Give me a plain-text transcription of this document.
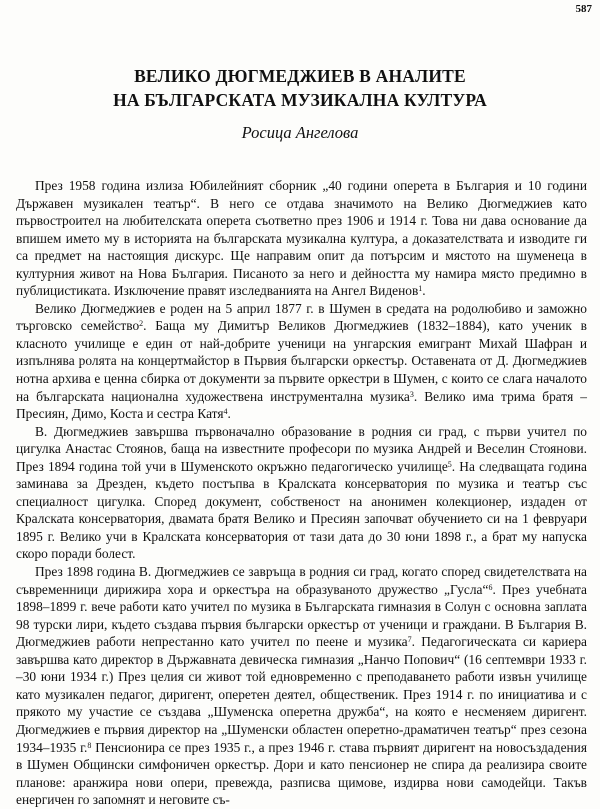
587
ВЕЛИКО ДЮГМЕДЖИЕВ В АНАЛИТЕ
НА БЪЛГАРСКАТА МУЗИКАЛНА КУЛТУРА
Росица Ангелова

През 1958 година излиза Юбилейният сборник „40 години оперета в България и 10 години Държавен музикален театър“. В него се отдава значимото на Велико Дюгмеджиев като първостроител на любителската оперета съответно през 1906 и 1914 г. Това ни дава основание да впишем името му в историята на българската музикална култура, а доказателствата и изводите ги са предмет на настоящия дискурс. Ще направим опит да потърсим и мястото на шуменеца в културния живот на Нова България. Писаното за него и дейността му намира място предимно в публицистиката. Изключение правят изследванията на Ангел Виденов$^1$.

Велико Дюгмеджиев е роден на 5 април 1877 г. в Шумен в средата на родолюбиво и заможно търговско семейство$^2$. Баща му Димитър Великов Дюгмеджиев (1832–1884), като ученик в класното училище е един от най-добрите ученици на унгарския емигрант Михай Шафран и изпълнява ролята на концертмайстор в Първия български оркестър. Оставената от Д. Дюгмеджиев нотна архива е ценна сбирка от документи за първите оркестри в Шумен, с които се слага началото на българската национална художествена инструментална музика$^3$. Велико има трима братя – Пресиян, Димо, Коста и сестра Катя$^4$.

В. Дюгмеджиев завършва първоначално образование в родния си град, с първи учител по цигулка Анастас Стоянов, баща на известните професори по музика Андрей и Веселин Стоянови. През 1894 година той учи в Шуменското окръжно педагогическо училище$^5$. На следващата година заминава за Дрезден, където постъпва в Кралската консерватория по музика и театър със специалност цигулка. Според документ, собственост на анонимен колекционер, издаден от Кралската консерватория, двамата братя Велико и Пресиян започват обучението си на 1 февруари 1895 г. Велико учи в Кралската консерватория от тази дата до 30 юни 1898 г., а брат му напуска скоро поради болест.

През 1898 година В. Дюгмеджиев се завръща в родния си град, когато според свидетелствата на съвременници дирижира хора и оркестъра на образуваното дружество „Гусла“$^6$. През учебната 1898–1899 г. вече работи като учител по музика в Българската гимназия в Солун с основна заплата 98 турски лири, където създава първия български оркестър от ученици и граждани. В България В. Дюгмеджиев работи непрестанно като учител по пеене и музика$^7$. Педагогическата си кариера завършва като директор в Държавната девическа гимназия „Нанчо Попович“ (16 септември 1933 г. –30 юни 1934 г.) През целия си живот той едновременно с преподаването работи извън училище като музикален педагог, диригент, оперетен деятел, общественик. През 1914 г. по инициатива и с прякото му участие се създава „Шуменска оперетна дружба“, на която е несменяем диригент. Дюгмеджиев е първия директор на „Шуменски областен оперетно-драматичен театър“ през сезона 1934–1935 г.$^8$ Пенсионира се през 1935 г., а през 1946 г. става първият диригент на новосъздадения в Шумен Общински симфоничен оркестър. Дори и като пенсионер не спира да реализира своите планове: аранжира нови опери, превежда, разписва щимове, издирва нови самодейци. Такъв енергичен го запомнят и неговите съ-
